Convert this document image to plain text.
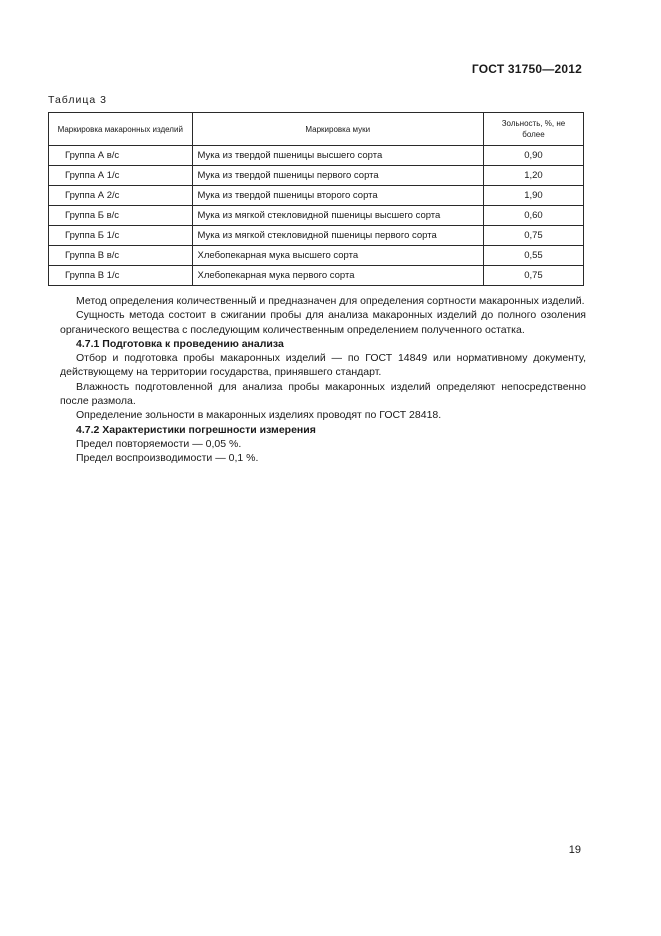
ГОСТ 31750—2012
Таблица 3
Маркировка макаронных изделий	Маркировка муки	Зольность, %, не более
Группа А в/с	Мука из твердой пшеницы высшего сорта	0,90
Группа А 1/с	Мука из твердой пшеницы первого сорта	1,20
Группа А 2/с	Мука из твердой пшеницы второго сорта	1,90
Группа Б в/с	Мука из мягкой стекловидной пшеницы высшего сорта	0,60
Группа Б 1/с	Мука из мягкой стекловидной пшеницы первого сорта	0,75
Группа В в/с	Хлебопекарная мука высшего сорта	0,55
Группа В 1/с	Хлебопекарная мука первого сорта	0,75

Метод определения количественный и предназначен для определения сортности макаронных изделий.

Сущность метода состоит в сжигании пробы для анализа макаронных изделий до полного озоления органического вещества с последующим количественным определением полученного остатка.

4.7.1 Подготовка к проведению анализа

Отбор и подготовка пробы макаронных изделий — по ГОСТ 14849 или нормативному документу, действующему на территории государства, принявшего стандарт.

Влажность подготовленной для анализа пробы макаронных изделий определяют непосредственно после размола.

Определение зольности в макаронных изделиях проводят по ГОСТ 28418.

4.7.2 Характеристики погрешности измерения

Предел повторяемости — 0,05 %.

Предел воспроизводимости — 0,1 %.

19
